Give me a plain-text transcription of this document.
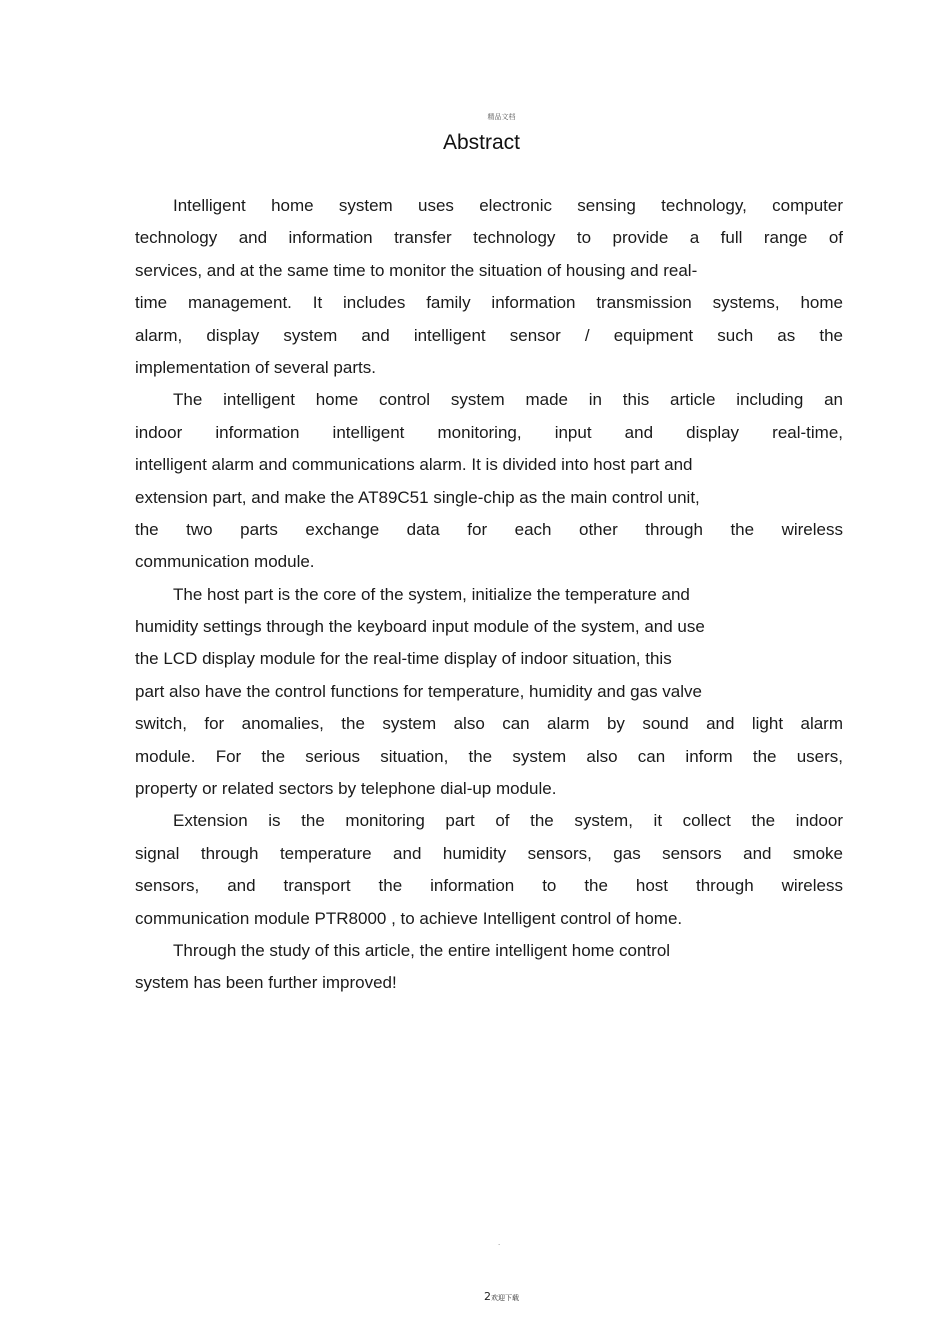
精品文档
Abstract
Intelligent home system uses electronic sensing technology, computer
technology and information transfer technology to provide a full range of
services, and at the same time to monitor the situation of housing and real-
time management. It includes family information transmission systems, home
alarm, display system and intelligent sensor / equipment such as the
implementation of several parts.
The intelligent home control system made in this article including an
indoor information intelligent monitoring, input and display real-time,
intelligent alarm and communications alarm. It is divided into host part and
extension part, and make the AT89C51 single-chip as the main control unit,
the two parts exchange data for each other through the wireless
communication module.
The host part is the core of the system, initialize the temperature and
humidity settings through the keyboard input module of the system, and use
the LCD display module for the real-time display of indoor situation, this
part also have the control functions for temperature, humidity and gas valve
switch, for anomalies, the system also can alarm by sound and light alarm
module. For the serious situation, the system also can inform the users,
property or related sectors by telephone dial-up module.
Extension is the monitoring part of the system, it collect the indoor
signal through temperature and humidity sensors, gas sensors and smoke
sensors, and transport the information to the host through wireless
communication module PTR8000 , to achieve Intelligent control of home.
Through the study of this article, the entire intelligent home control
system has been further improved!
.
2欢迎下载
